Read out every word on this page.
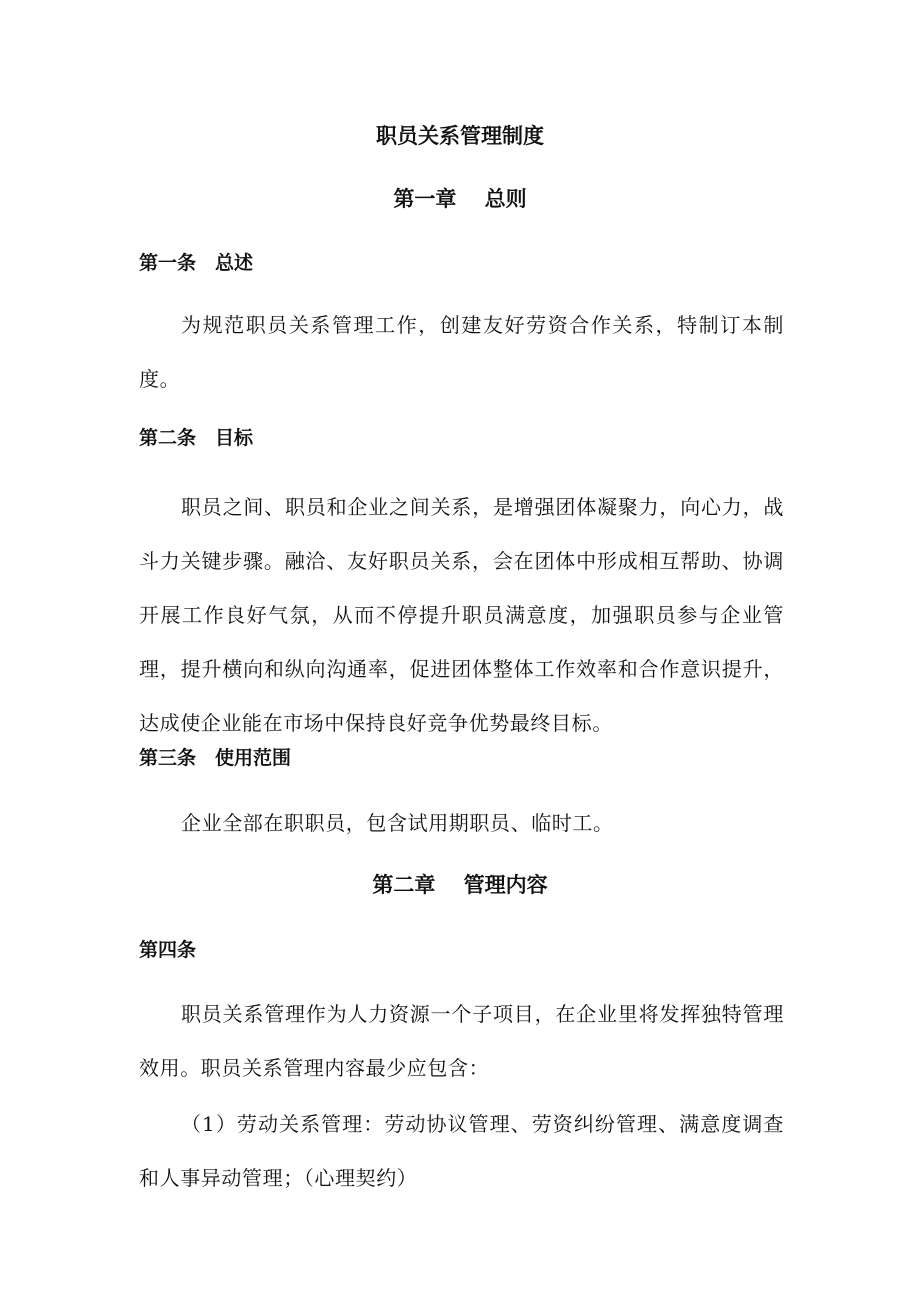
职员关系管理制度
第一章　 总则
第一条　总述

为规范职员关系管理工作，创建友好劳资合作关系，特制订本制度。

第二条　目标

职员之间、职员和企业之间关系，是增强团体凝聚力，向心力，战斗力关键步骤。融洽、友好职员关系，会在团体中形成相互帮助、协调开展工作良好气氛，从而不停提升职员满意度，加强职员参与企业管理，提升横向和纵向沟通率，促进团体整体工作效率和合作意识提升，达成使企业能在市场中保持良好竞争优势最终目标。

第三条　使用范围

企业全部在职职员，包含试用期职员、临时工。

第二章　 管理内容
第四条

职员关系管理作为人力资源一个子项目，在企业里将发挥独特管理效用。职员关系管理内容最少应包含：

（1）劳动关系管理：劳动协议管理、劳资纠纷管理、满意度调查和人事异动管理；（心理契约）
